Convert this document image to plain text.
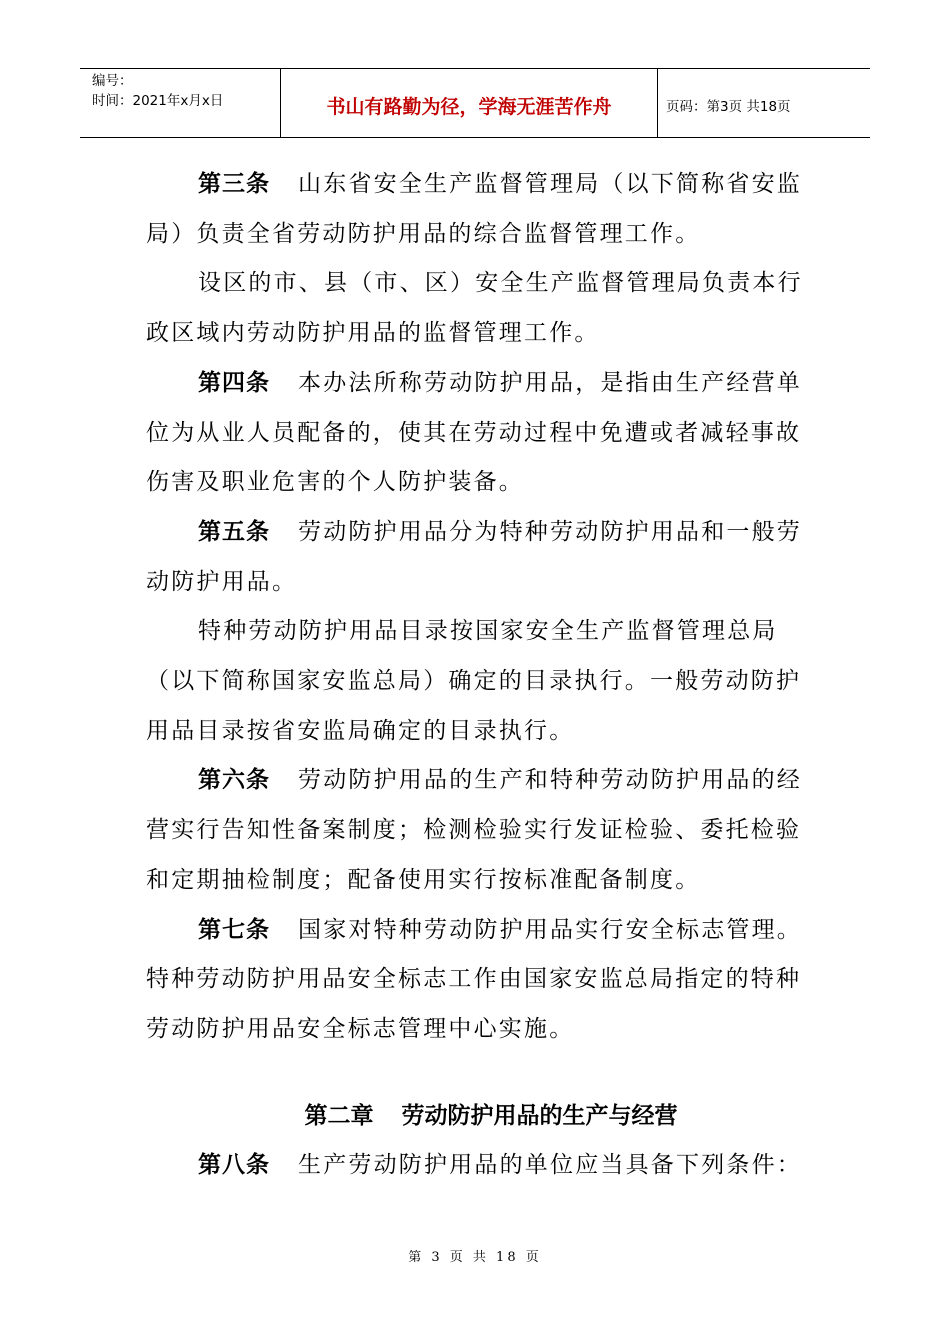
编号：
时间：2021年x月x日	书山有路勤为径，学海无涯苦作舟	页码：第3页 共18页

第三条 山东省安全生产监督管理局（以下简称省安监局）负责全省劳动防护用品的综合监督管理工作。

设区的市、县（市、区）安全生产监督管理局负责本行政区域内劳动防护用品的监督管理工作。

第四条 本办法所称劳动防护用品，是指由生产经营单位为从业人员配备的，使其在劳动过程中免遭或者减轻事故伤害及职业危害的个人防护装备。

第五条 劳动防护用品分为特种劳动防护用品和一般劳动防护用品。

特种劳动防护用品目录按国家安全生产监督管理总局（以下简称国家安监总局）确定的目录执行。一般劳动防护用品目录按省安监局确定的目录执行。

第六条 劳动防护用品的生产和特种劳动防护用品的经营实行告知性备案制度；检测检验实行发证检验、委托检验和定期抽检制度；配备使用实行按标准配备制度。

第七条 国家对特种劳动防护用品实行安全标志管理。特种劳动防护用品安全标志工作由国家安监总局指定的特种劳动防护用品安全标志管理中心实施。

第二章 劳动防护用品的生产与经营

第八条 生产劳动防护用品的单位应当具备下列条件：

第 3 页 共 18 页
